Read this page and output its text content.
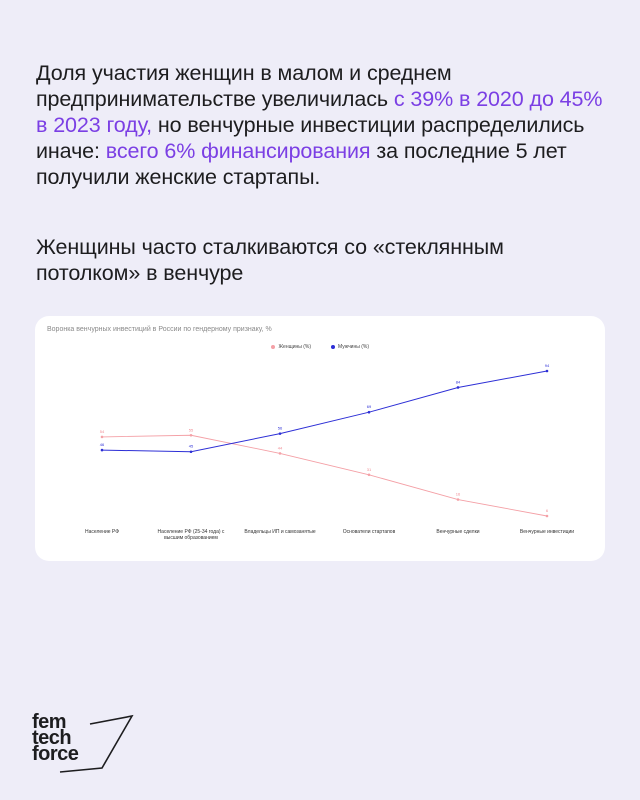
Доля участия женщин в малом и среднем предпринимательстве увеличилась с 39% в 2020 до 45% в 2023 году, но венчурные инвестиции распределились иначе: всего 6% финансирования за последние 5 лет получили женские стартапы.
Женщины часто сталкиваются со «стеклянным потолком» в венчуре
Воронка венчурных инвестиций в России по гендерному признаку, %
Женщины (%)	Мужчины (%)
54	55
44
31
16
6
46	45
56
69
84
94
Население РФ	Население РФ (25-34 года) с высшим образованием
Владельцы ИП и самозанятые	Основатели стартапов	Венчурные сделки	Венчурные инвестиции
fem
tech
force
